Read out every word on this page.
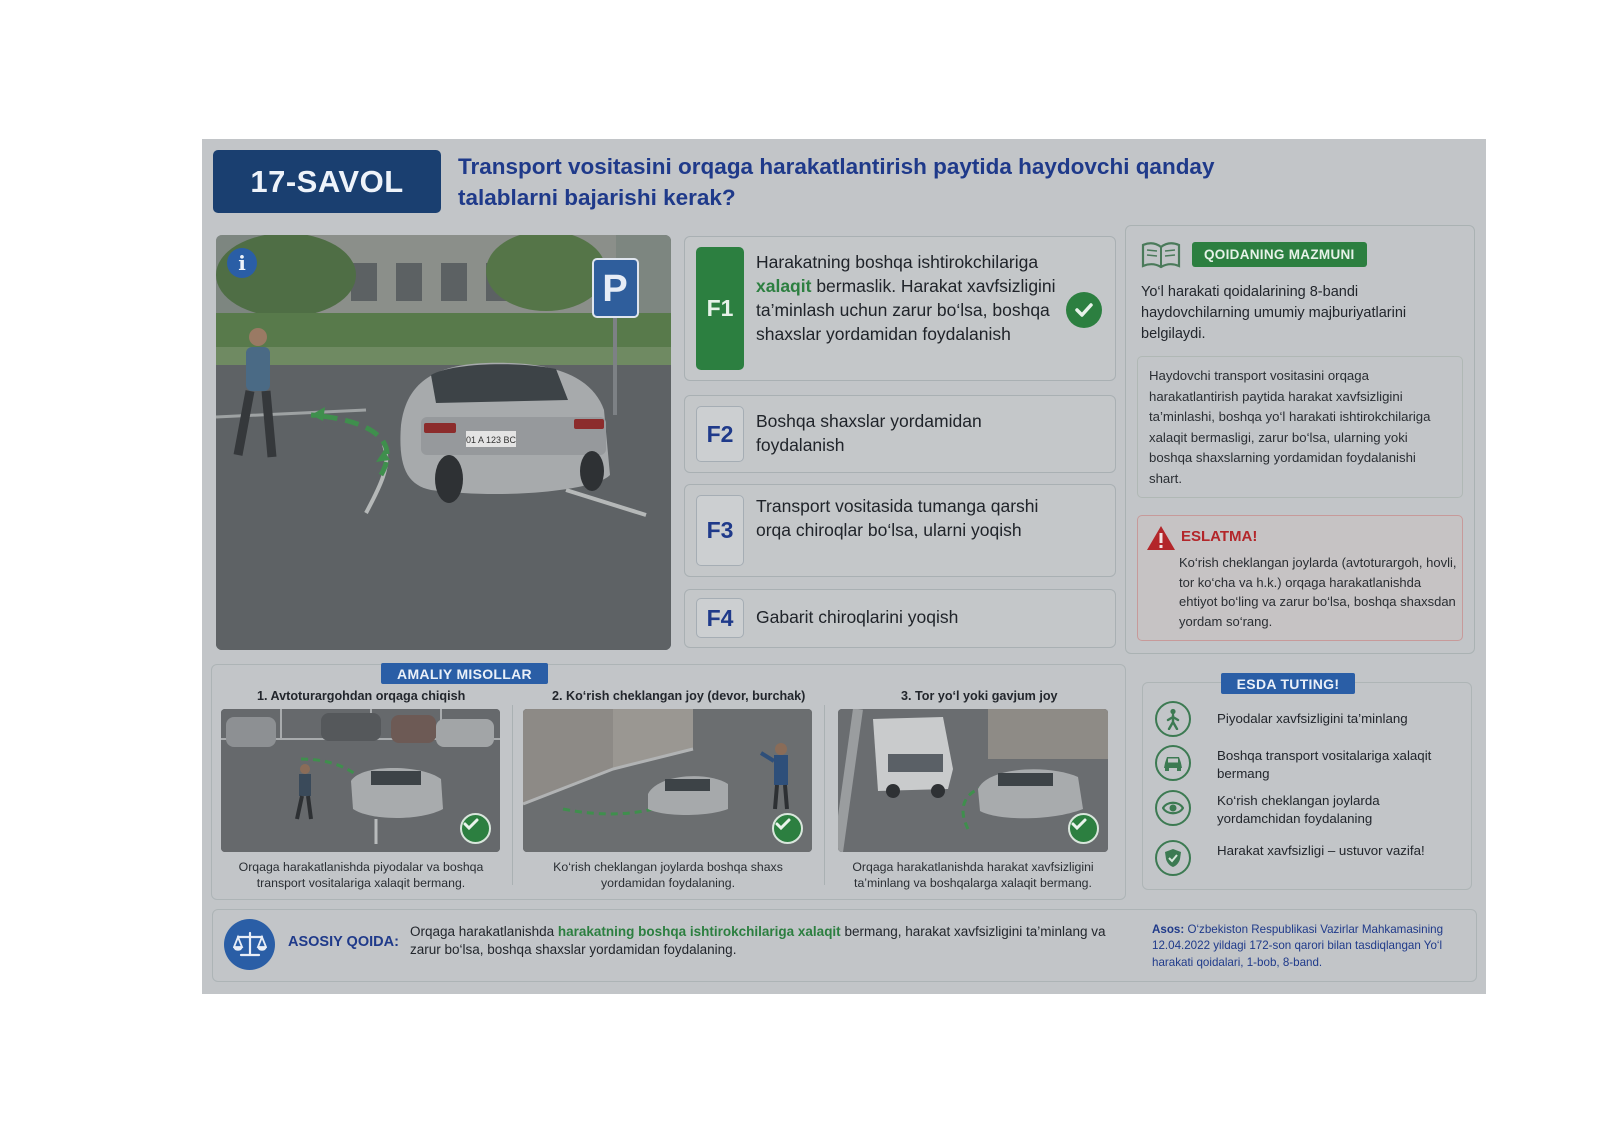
17-SAVOL	Transport vositasini orqaga harakatlantirish paytida haydovchi qanday talablarni bajarishi kerak?
01 A 123 BC
P
i
F1
Harakatning boshqa ishtirokchilariga xalaqit bermaslik. Harakat xavfsizligini ta’minlash uchun zarur bo‘lsa, boshqa shaxslar yordamidan foydalanish
F2	Boshqa shaxslar yordamidan foydalanish
F3
Transport vositasida tumanga qarshi orqa chiroqlar bo‘lsa, ularni yoqish
F4	Gabarit chiroqlarini yoqish
QOIDANING MAZMUNI
Yo‘l harakati qoidalarining 8-bandi haydovchilarning umumiy majburiyatlarini belgilaydi.
Haydovchi transport vositasini orqaga harakatlantirish paytida harakat xavfsizligini ta’minlashi, boshqa yo‘l harakati ishtirokchilariga xalaqit bermasligi, zarur bo‘lsa, ularning yoki boshqa shaxslarning yordamidan foydalanishi shart.
ESLATMA!
Ko‘rish cheklangan joylarda (avtoturargoh, hovli, tor ko‘cha va h.k.) orqaga harakatlanishda ehtiyot bo‘ling va zarur bo‘lsa, boshqa shaxsdan yordam so‘rang.
AMALIY MISOLLAR
1. Avtoturargohdan orqaga chiqish
Orqaga harakatlanishda piyodalar va boshqa transport vositalariga xalaqit bermang.
2. Ko‘rish cheklangan joy (devor, burchak)
Ko‘rish cheklangan joylarda boshqa shaxs yordamidan foydalaning.
3. Tor yo‘l yoki gavjum joy
Orqaga harakatlanishda harakat xavfsizligini ta’minlang va boshqalarga xalaqit bermang.
ESDA TUTING!
Piyodalar xavfsizligini ta’minlang
Boshqa transport vositalariga xalaqit bermang
Ko‘rish cheklangan joylarda yordamchidan foydalaning
Harakat xavfsizligi – ustuvor vazifa!
ASOSIY QOIDA:
Orqaga harakatlanishda harakatning boshqa ishtirokchilariga xalaqit bermang, harakat xavfsizligini ta’minlang va zarur bo‘lsa, boshqa shaxslar yordamidan foydalaning.
Asos: O‘zbekiston Respublikasi Vazirlar Mahkamasining 12.04.2022 yildagi 172-son qarori bilan tasdiqlangan Yo‘l harakati qoidalari, 1-bob, 8-band.
